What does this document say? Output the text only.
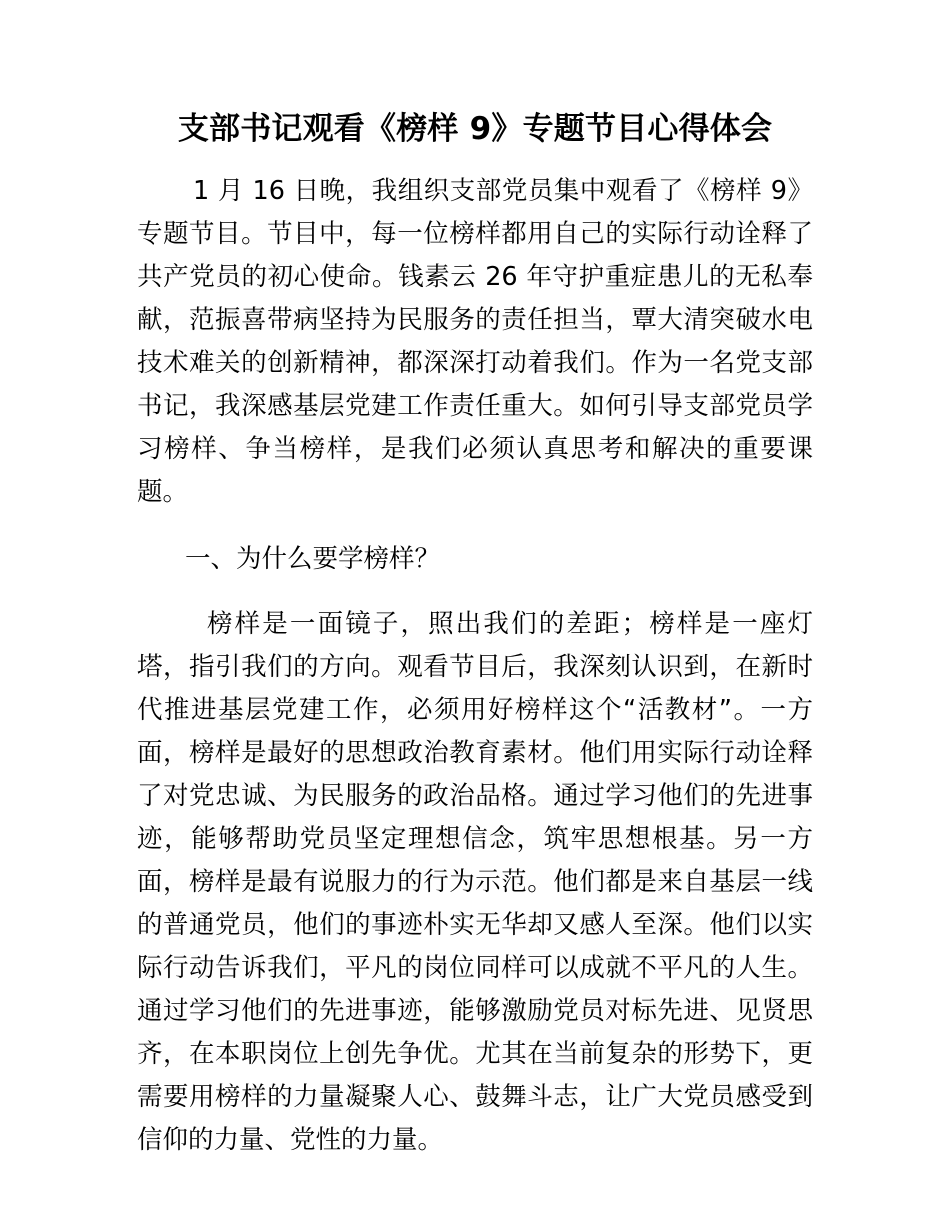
支部书记观看《榜样 9》专题节目心得体会

1 月 16 日晚，我组织支部党员集中观看了《榜样 9》专题节目。节目中，每一位榜样都用自己的实际行动诠释了共产党员的初心使命。钱素云 26 年守护重症患儿的无私奉献，范振喜带病坚持为民服务的责任担当，覃大清突破水电技术难关的创新精神，都深深打动着我们。作为一名党支部书记，我深感基层党建工作责任重大。如何引导支部党员学习榜样、争当榜样，是我们必须认真思考和解决的重要课题。

一、为什么要学榜样？

榜样是一面镜子，照出我们的差距；榜样是一座灯塔，指引我们的方向。观看节目后，我深刻认识到，在新时代推进基层党建工作，必须用好榜样这个“活教材”。一方面，榜样是最好的思想政治教育素材。他们用实际行动诠释了对党忠诚、为民服务的政治品格。通过学习他们的先进事迹，能够帮助党员坚定理想信念，筑牢思想根基。另一方面，榜样是最有说服力的行为示范。他们都是来自基层一线的普通党员，他们的事迹朴实无华却又感人至深。他们以实际行动告诉我们，平凡的岗位同样可以成就不平凡的人生。通过学习他们的先进事迹，能够激励党员对标先进、见贤思齐，在本职岗位上创先争优。尤其在当前复杂的形势下，更需要用榜样的力量凝聚人心、鼓舞斗志，让广大党员感受到信仰的力量、党性的力量。
